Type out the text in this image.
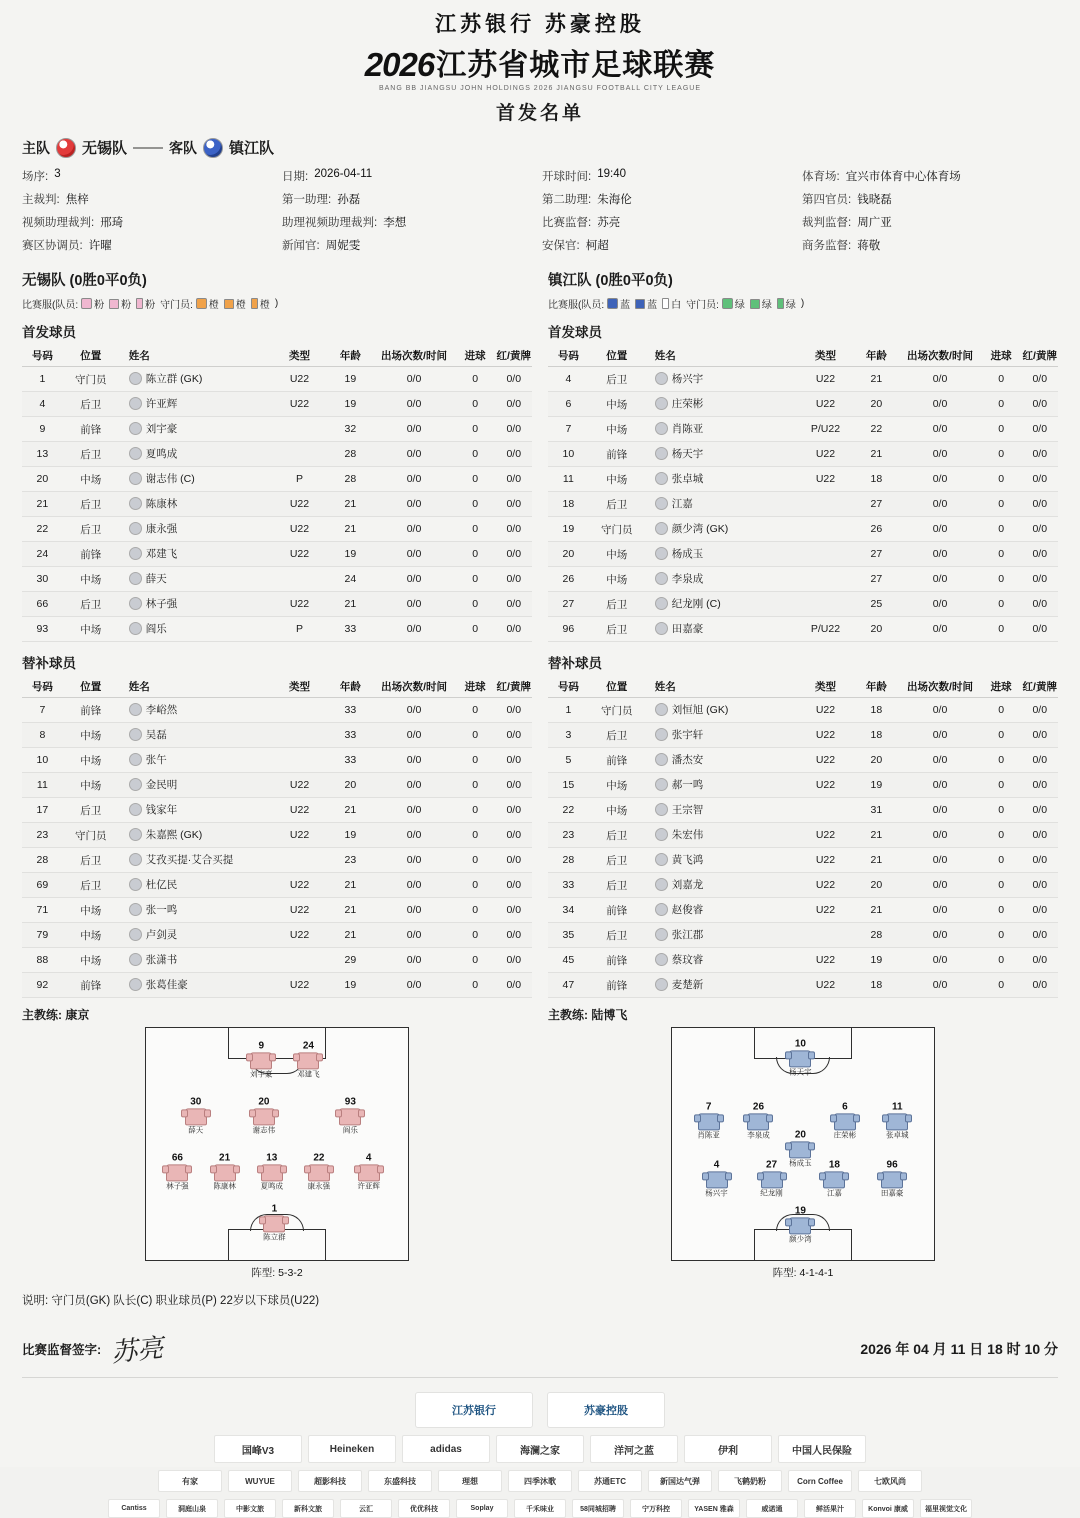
江苏银行 苏豪控股
2026 江苏省城市足球联赛
BANG BB JIANGSU JOHN HOLDINGS 2026 JIANGSU FOOTBALL CITY LEAGUE
首发名单
主队 无锡队 —— 客队 镇江队
场序: 3	日期: 2026-04-11	开球时间: 19:40	体育场: 宜兴市体育中心体育场
主裁判: 焦梓	第一助理: 孙磊	第二助理: 朱海伦	第四官员: 钱晓磊
视频助理裁判: 邢琦	助理视频助理裁判: 李想	比赛监督: 苏亮	裁判监督: 周广亚
赛区协调员: 许曜	新闻官: 周妮雯	安保官: 柯超	商务监督: 蒋敬
无锡队 (0胜0平0负)
比赛服(队员: 粉 粉 粉 守门员: 橙 橙 橙 )
首发球员
号码	位置	姓名	类型	年龄	出场次数/时间	进球	红/黄牌
1	守门员	陈立群 (GK)	U22	19	0/0	0	0/0
4	后卫	许亚辉	U22	19	0/0	0	0/0
9	前锋	刘宇豪		32	0/0	0	0/0
13	后卫	夏鸣成		28	0/0	0	0/0
20	中场	谢志伟 (C)	P	28	0/0	0	0/0
21	后卫	陈康林	U22	21	0/0	0	0/0
22	后卫	康永强	U22	21	0/0	0	0/0
24	前锋	邓建飞	U22	19	0/0	0	0/0
30	中场	薛天		24	0/0	0	0/0
66	后卫	林子强	U22	21	0/0	0	0/0
93	中场	阎乐	P	33	0/0	0	0/0
替补球员
号码	位置	姓名	类型	年龄	出场次数/时间	进球	红/黄牌
7	前锋	李峪然		33	0/0	0	0/0
8	中场	吴磊		33	0/0	0	0/0
10	中场	张午		33	0/0	0	0/0
11	中场	金民明	U22	20	0/0	0	0/0
17	后卫	钱家年	U22	21	0/0	0	0/0
23	守门员	朱嘉熙 (GK)	U22	19	0/0	0	0/0
28	后卫	艾孜买提·艾合买提		23	0/0	0	0/0
69	后卫	杜亿民	U22	21	0/0	0	0/0
71	中场	张一鸣	U22	21	0/0	0	0/0
79	中场	卢剑灵	U22	21	0/0	0	0/0
88	中场	张潇书		29	0/0	0	0/0
92	前锋	张葛佳豪	U22	19	0/0	0	0/0
主教练: 康京
镇江队 (0胜0平0负)
比赛服(队员: 蓝 蓝 白 守门员: 绿 绿 绿 )
首发球员
号码	位置	姓名	类型	年龄	出场次数/时间	进球	红/黄牌
4	后卫	杨兴宇	U22	21	0/0	0	0/0
6	中场	庄荣彬	U22	20	0/0	0	0/0
7	中场	肖陈亚	P/U22	22	0/0	0	0/0
10	前锋	杨天宇	U22	21	0/0	0	0/0
11	中场	张卓城	U22	18	0/0	0	0/0
18	后卫	江嘉		27	0/0	0	0/0
19	守门员	颜少湾 (GK)		26	0/0	0	0/0
20	中场	杨成玉		27	0/0	0	0/0
26	中场	李泉成		27	0/0	0	0/0
27	后卫	纪龙刚 (C)		25	0/0	0	0/0
96	后卫	田嘉豪	P/U22	20	0/0	0	0/0
替补球员
号码	位置	姓名	类型	年龄	出场次数/时间	进球	红/黄牌
1	守门员	刘恒旭 (GK)	U22	18	0/0	0	0/0
3	后卫	张宇轩	U22	18	0/0	0	0/0
5	前锋	潘杰安	U22	20	0/0	0	0/0
15	中场	郝一鸣	U22	19	0/0	0	0/0
22	中场	王宗智		31	0/0	0	0/0
23	后卫	朱宏伟	U22	21	0/0	0	0/0
28	后卫	黄飞鸿	U22	21	0/0	0	0/0
33	后卫	刘嘉龙	U22	20	0/0	0	0/0
34	前锋	赵俊睿	U22	21	0/0	0	0/0
35	后卫	张江郡		28	0/0	0	0/0
45	前锋	蔡玟睿	U22	19	0/0	0	0/0
47	前锋	麦楚新	U22	18	0/0	0	0/0
主教练: 陆博飞
9
刘宇豪
24
邓建飞
30
薛天
20
谢志伟
93
阎乐
66
林子强
21
陈康林
13
夏鸣成
22
康永强
4
许亚辉
1
陈立群
阵型: 5-3-2
10
杨天宇
7
肖陈亚
26
李泉成
6
庄荣彬
11
张卓城
20
杨成玉
4
杨兴宇
27
纪龙刚
18
江嘉
96
田嘉豪
19
颜少湾
阵型: 4-1-4-1
说明: 守门员(GK) 队长(C) 职业球员(P) 22岁以下球员(U22)
比赛监督签字: 苏亮	2026 年 04 月 11 日 18 时 10 分
江苏银行	苏豪控股
国峰V3	Heineken	adidas	海澜之家	洋河之蓝	伊利	中国人民保险
有家	WUYUE	超影科技	东盛科技	理想	四季沐歌	苏通ETC	新国达气弹	飞鹤奶粉	Corn Coffee	七欧风尚
Cantiss	洞庭山泉	中影文旅	新科文旅	云汇	优优科技	Soplay	千禾味业	58同城招聘	宁万科控	YASEN 雅森	威诺通	鲜活果汁	Konvoi 康威	福里视觉文化
